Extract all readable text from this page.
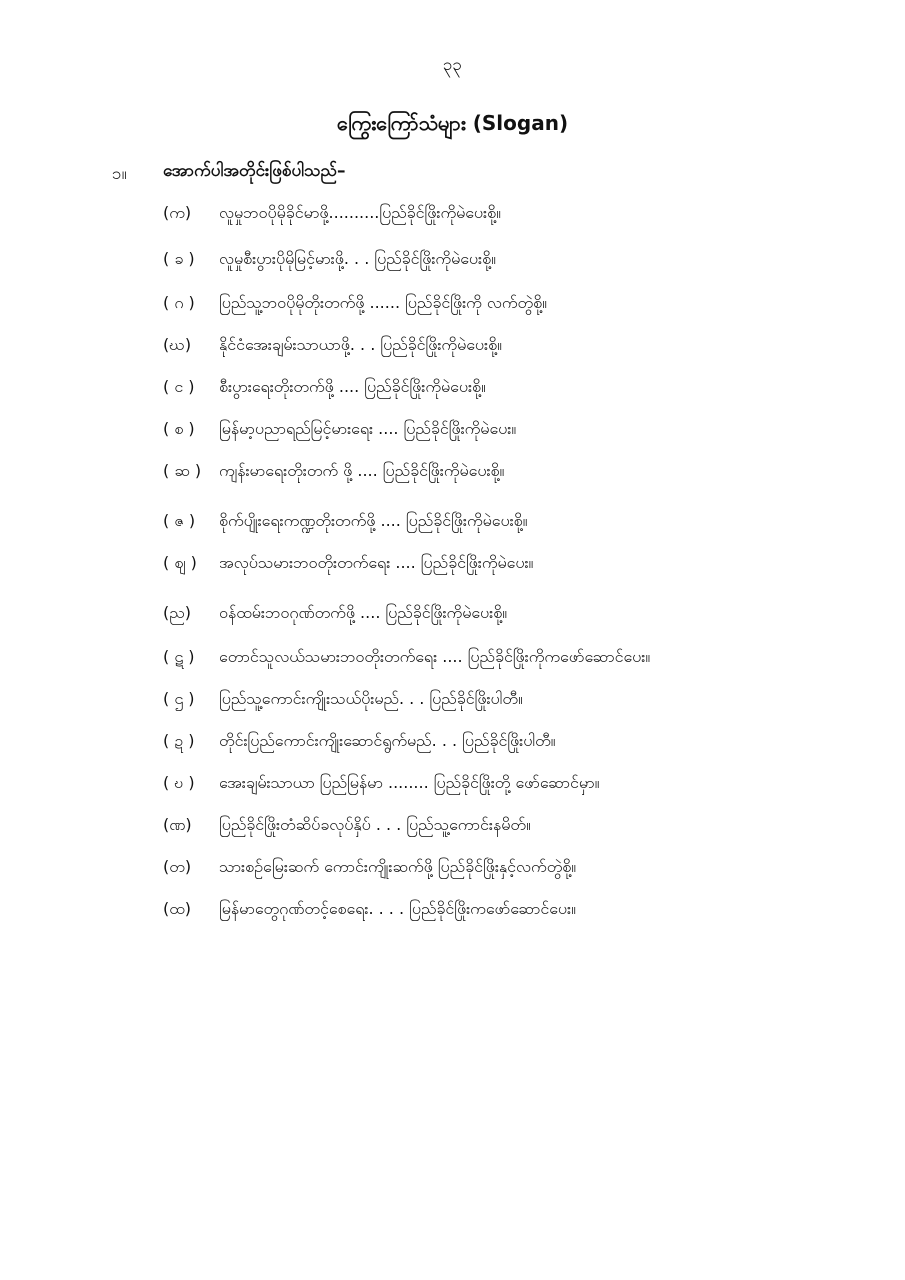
၃၃
ကြွေးကြော်သံများ (Slogan)
၁။ အောက်ပါအတိုင်းဖြစ်ပါသည်–
(က)	လူမှုဘဝပိုမိုခိုင်မာဖို့..........ပြည်ခိုင်ဖြိုးကိုမဲပေးစို့။
( ခ )	လူမှုစီးပွားပိုမိုမြင့်မားဖို့. . . ပြည်ခိုင်ဖြိုးကိုမဲပေးစို့။
( ဂ )	ပြည်သူ့ဘဝပိုမိုတိုးတက်ဖို့ ...... ပြည်ခိုင်ဖြိုးကို လက်တွဲစို့။
(ဃ)	နိုင်ငံအေးချမ်းသာယာဖို့. . . ပြည်ခိုင်ဖြိုးကိုမဲပေးစို့။
( င )	စီးပွားရေးတိုးတက်ဖို့ .... ပြည်ခိုင်ဖြိုးကိုမဲပေးစို့။
( စ )	မြန်မာ့ပညာရည်မြင့်မားရေး .... ပြည်ခိုင်ဖြိုးကိုမဲပေး။
( ဆ )	ကျန်းမာရေးတိုးတက် ဖို့ .... ပြည်ခိုင်ဖြိုးကိုမဲပေးစို့။
( ဇ )	စိုက်ပျိုးရေးကဏ္ဍတိုးတက်ဖို့ .... ပြည်ခိုင်ဖြိုးကိုမဲပေးစို့။
( ဈ )	အလုပ်သမားဘဝတိုးတက်ရေး .... ပြည်ခိုင်ဖြိုးကိုမဲပေး။
(ည)	ဝန်ထမ်းဘဝဂုဏ်တက်ဖို့ .... ပြည်ခိုင်ဖြိုးကိုမဲပေးစို့။
( ဋ )	တောင်သူလယ်သမားဘဝတိုးတက်ရေး .... ပြည်ခိုင်ဖြိုးကိုကဖော်ဆောင်ပေး။
( ဌ )	ပြည်သူ့ကောင်းကျိုးသယ်ပိုးမည်. . . ပြည်ခိုင်ဖြိုးပါတီ။
( ဍ )	တိုင်းပြည်ကောင်းကျိုးဆောင်ရွက်မည်. . . ပြည်ခိုင်ဖြိုးပါတီ။
( ဎ )	အေးချမ်းသာယာ ပြည်မြန်မာ ........ ပြည်ခိုင်ဖြိုးတို့ ဖော်ဆောင်မှာ။
(ဏ)	ပြည်ခိုင်ဖြိုးတံဆိပ်ခလုပ်နှိပ် . . . ပြည်သူ့ကောင်းနမိတ်။
(တ)	သားစဉ်မြေးဆက် ကောင်းကျိုးဆက်ဖို့ ပြည်ခိုင်ဖြိုးနှင့်လက်တွဲစို့။
(ထ)	မြန်မာတွေဂုဏ်တင့်စေရေး. . . . ပြည်ခိုင်ဖြိုးကဖော်ဆောင်ပေး။
